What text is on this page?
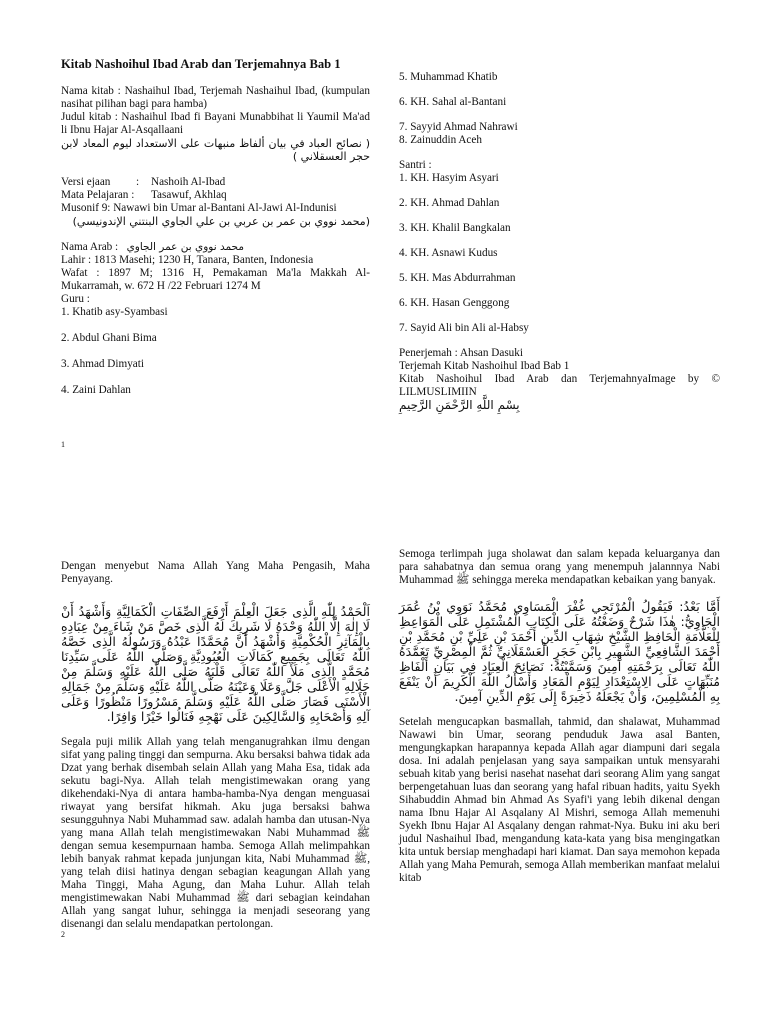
Kitab Nashoihul Ibad Arab dan Terjemahnya Bab 1

Nama kitab : Nashaihul Ibad, Terjemah Nashaihul Ibad, (kumpulan nasihat pilihan bagi para hamba)

Judul kitab : Nashaihul Ibad fi Bayani Munabbihat li Yaumil Ma'ad li Ibnu Hajar Al-Asqallaani

( نصائح العباد في بيان ألفاظ منبهات على الاستعداد ليوم المعاد لابن حجر العسقلاني )

Versi ejaan	:	Nashoih Al-Ibad
Mata Pelajaran :	Tasawuf, Akhlaq

Musonif 9: Nawawi bin Umar al-Bantani Al-Jawi Al-Indunisi

(محمد نووي بن عمر بن عربي بن علي الجاوي البنتني الإندونيسي)

Nama Arab : محمد نووي بن عمر الجاوي

Lahir : 1813 Masehi; 1230 H, Tanara, Banten, Indonesia

Wafat : 1897 M; 1316 H, Pemakaman Ma'la Makkah Al-Mukarramah, w. 672 H /22 Februari 1274 M

Guru :

1. Khatib asy-Syambasi

2. Abdul Ghani Bima

3. Ahmad Dimyati

4. Zaini Dahlan

5. Muhammad Khatib

6. KH. Sahal al-Bantani

7. Sayyid Ahmad Nahrawi

8. Zainuddin Aceh

Santri :

1. KH. Hasyim Asyari

2. KH. Ahmad Dahlan

3. KH. Khalil Bangkalan

4. KH. Asnawi Kudus

5. KH. Mas Abdurrahman

6. KH. Hasan Genggong

7. Sayid Ali bin Ali al-Habsy

Penerjemah : Ahsan Dasuki

Terjemah Kitab Nashoihul Ibad Bab 1

Kitab Nashoihul Ibad Arab dan TerjemahnyaImage by © LILMUSLIMIIN

بِسْمِ اللَّهِ الرَّحْمَنِ الرَّحِيمِ

1
2

Dengan menyebut Nama Allah Yang Maha Pengasih, Maha Penyayang.

اَلْحَمْدُ لِلّٰهِ الَّذِى جَعَلَ الْعِلْمَ أَرْفَعَ الصِّفَاتِ الْكَمَالِيَّةِ وَأَشْهَدُ أَنْ لَا إِلٰهَ إِلَّا اللّٰهُ وَحْدَهُ لَا شَرِيكَ لَهُ الَّذِى خَصَّ مَنْ شَاءَ مِنْ عِبَادِهِ بِالْمَآثِرِ الْحُكْمِيَّةِ وَأَشْهَدُ أَنَّ مُحَمَّدًا عَبْدُهُ وَرَسُولُهُ الَّذِى خَصَّهُ اللّٰهُ تَعَالَى بِجَمِيعِ كَمَالَاتِ الْعُبُودِيَّةِ وَصَلَّى اللّٰهُ عَلَى سَيِّدِنَا مُحَمَّدٍ الَّذِى مَلَأَ اللّٰهُ تَعَالَى قَلْبَهُ صَلَّى اللّٰهُ عَلَيْهِ وَسَلَّمَ مِنْ جَلَالِهِ الْأَعْلَى جَلَّ وَعَلَا وَعَيْنَهُ صَلَّى اللّٰهُ عَلَيْهِ وَسَلَّمَ مِنْ جَمَالِهِ الْأَسْنَى فَصَارَ صَلَّى اللّٰهُ عَلَيْهِ وَسَلَّمَ مَسْرُورًا مَنْظُورًا وَعَلَى آلِهِ وَأَصْحَابِهِ وَالسَّالِكِينَ عَلَى نَهْجِهِ فَنَالُوا خَيْرًا وَافِرًا.

Segala puji milik Allah yang telah menganugrahkan ilmu dengan sifat yang paling tinggi dan sempurna. Aku bersaksi bahwa tidak ada Dzat yang berhak disembah selain Allah yang Maha Esa, tidak ada sekutu bagi-Nya. Allah telah mengistimewakan orang yang dikehendaki-Nya di antara hamba-hamba-Nya dengan menguasai riwayat yang bersifat hikmah. Aku juga bersaksi bahwa sesungguhnya Nabi Muhammad saw. adalah hamba dan utusan-Nya yang mana Allah telah mengistimewakan Nabi Muhammad ﷺ dengan semua kesempurnaan hamba. Semoga Allah melimpahkan lebih banyak rahmat kepada junjungan kita, Nabi Muhammad ﷺ, yang telah diisi hatinya dengan sebagian keagungan Allah yang Maha Tinggi, Maha Agung, dan Maha Luhur. Allah telah mengistimewakan Nabi Muhammad ﷺ dari sebagian keindahan Allah yang sangat luhur, sehingga ia menjadi seseorang yang disenangi dan selalu mendapatkan pertolongan.

Semoga terlimpah juga sholawat dan salam kepada keluarganya dan para sahabatnya dan semua orang yang menempuh jalannnya Nabi Muhammad ﷺ sehingga mereka mendapatkan kebaikan yang banyak.

أَمَّا بَعْدُ: فَيَقُولُ الْمُرْتَجِي غُفْرَ الْمَسَاوِي مُحَمَّدُ نَوَوِي بْنُ عُمَرَ الْجَاوِيُّ: هٰذَا شَرْحٌ وَضَعْتُهُ عَلَى الْكِتَابِ الْمُشْتَمِلِ عَلَى الْمَوَاعِظِ لِلْعَلَّامَةِ الْحَافِظِ الشَّيْخِ شِهَابِ الدِّينِ أَحْمَدَ بْنِ عَلِيِّ بْنِ مُحَمَّدِ بْنِ أَحْمَدَ الشَّافِعِيِّ الشَّهِيرِ بِابْنِ حَجَرٍ الْعَسْقَلَانِيِّ ثُمَّ الْمِصْرِيِّ تَغَمَّدَهُ اللّٰهُ تَعَالَى بِرَحْمَتِهِ آمِينَ وَسَمَّيْتُهُ: نَصَائِحَ الْعِبَادِ فِي بَيَانِ أَلْفَاظِ مُنَبِّهَاتٍ عَلَى الِاسْتِعْدَادِ لِيَوْمِ الْمَعَادِ وَأَسْأَلُ اللّٰهَ الْكَرِيمَ أَنْ يَنْفَعَ بِهِ الْمُسْلِمِينَ، وَأَنْ يَجْعَلَهُ ذَخِيرَةً إِلَى يَوْمِ الدِّينِ آمِينَ.

Setelah mengucapkan basmallah, tahmid, dan shalawat, Muhammad Nawawi bin Umar, seorang penduduk Jawa asal Banten, mengungkapkan harapannya kepada Allah agar diampuni dari segala dosa. Ini adalah penjelasan yang saya sampaikan untuk mensyarahi sebuah kitab yang berisi nasehat nasehat dari seorang Alim yang sangat berpengetahuan luas dan seorang yang hafal ribuan hadits, yaitu Syekh Sihabuddin Ahmad bin Ahmad As Syafi'i yang lebih dikenal dengan nama Ibnu Hajar Al Asqalany Al Mishri, semoga Allah memenuhi Syekh Ibnu Hajar Al Asqalany dengan rahmat-Nya. Buku ini aku beri judul Nashaihul Ibad, mengandung kata-kata yang bisa mengingatkan kita untuk bersiap menghadapi hari kiamat. Dan saya memohon kepada Allah yang Maha Pemurah, semoga Allah memberikan manfaat melalui kitab
